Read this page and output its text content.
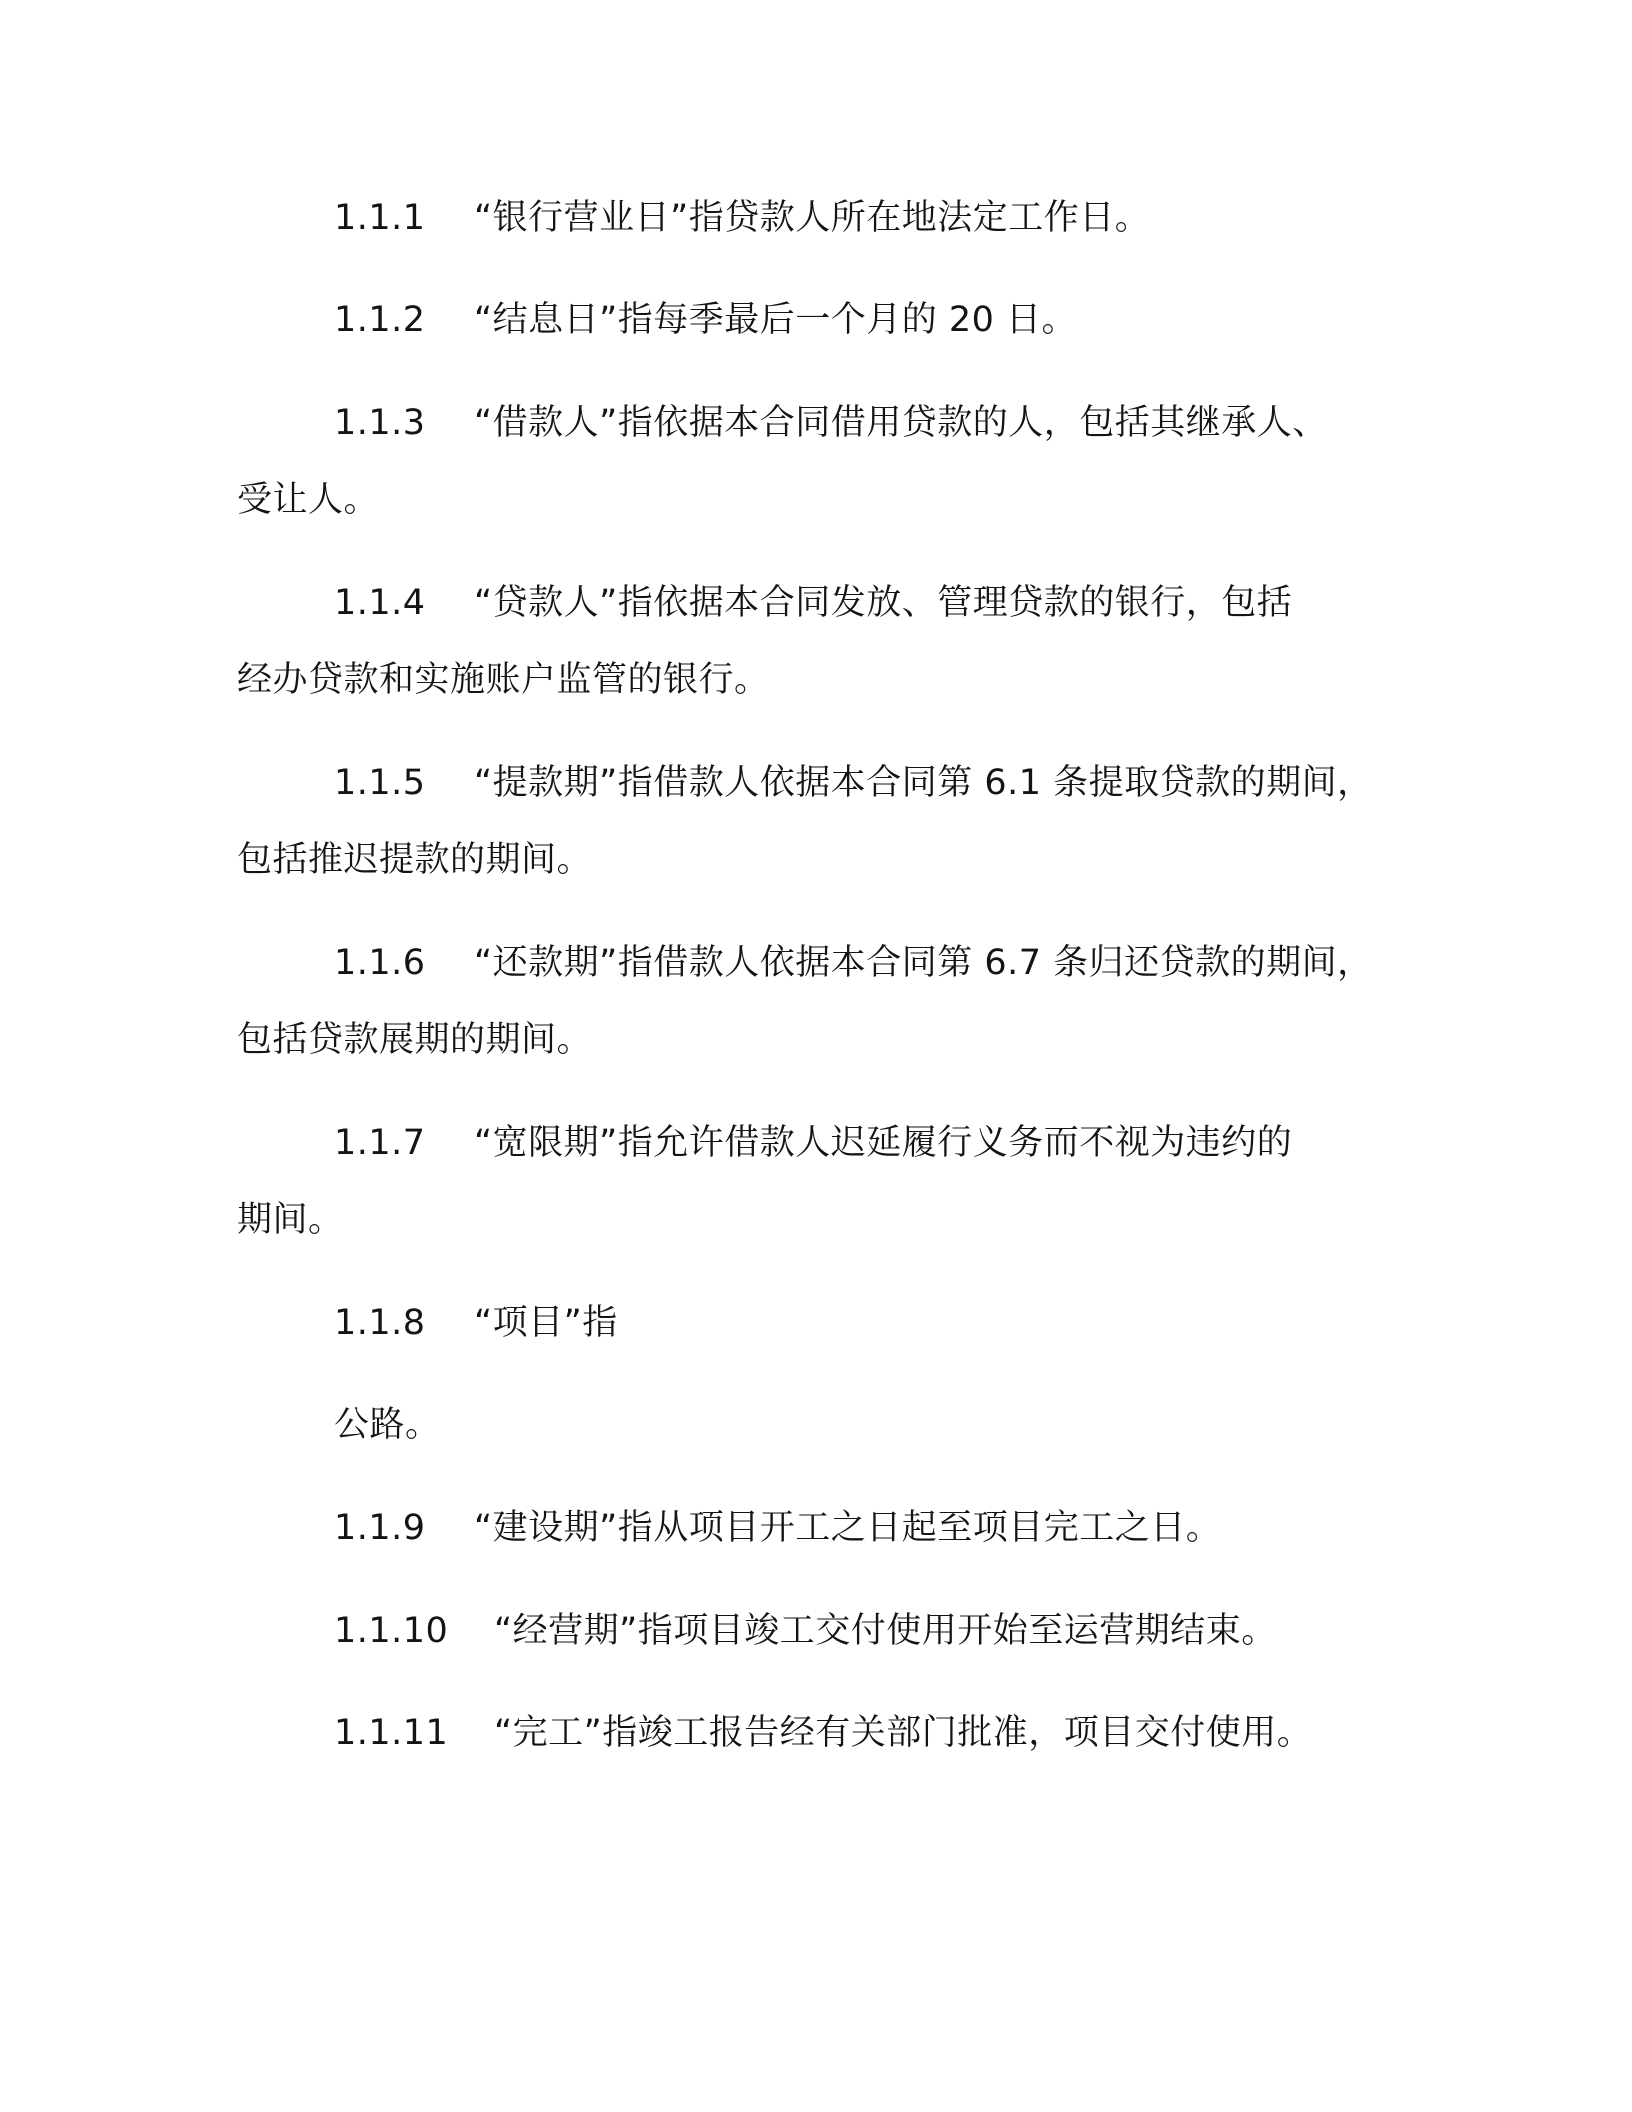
1.1.1 “银行营业日”指贷款人所在地法定工作日。
1.1.2 “结息日”指每季最后一个月的 20 日。
1.1.3 “借款人”指依据本合同借用贷款的人，包括其继承人、
受让人。
1.1.4 “贷款人”指依据本合同发放、管理贷款的银行，包括
经办贷款和实施账户监管的银行。
1.1.5 “提款期”指借款人依据本合同第 6.1 条提取贷款的期间，
包括推迟提款的期间。
1.1.6 “还款期”指借款人依据本合同第 6.7 条归还贷款的期间，
包括贷款展期的期间。
1.1.7 “宽限期”指允许借款人迟延履行义务而不视为违约的
期间。
1.1.8 “项目”指
公路。
1.1.9 “建设期”指从项目开工之日起至项目完工之日。
1.1.10 “经营期”指项目竣工交付使用开始至运营期结束。
1.1.11 “完工”指竣工报告经有关部门批准，项目交付使用。
